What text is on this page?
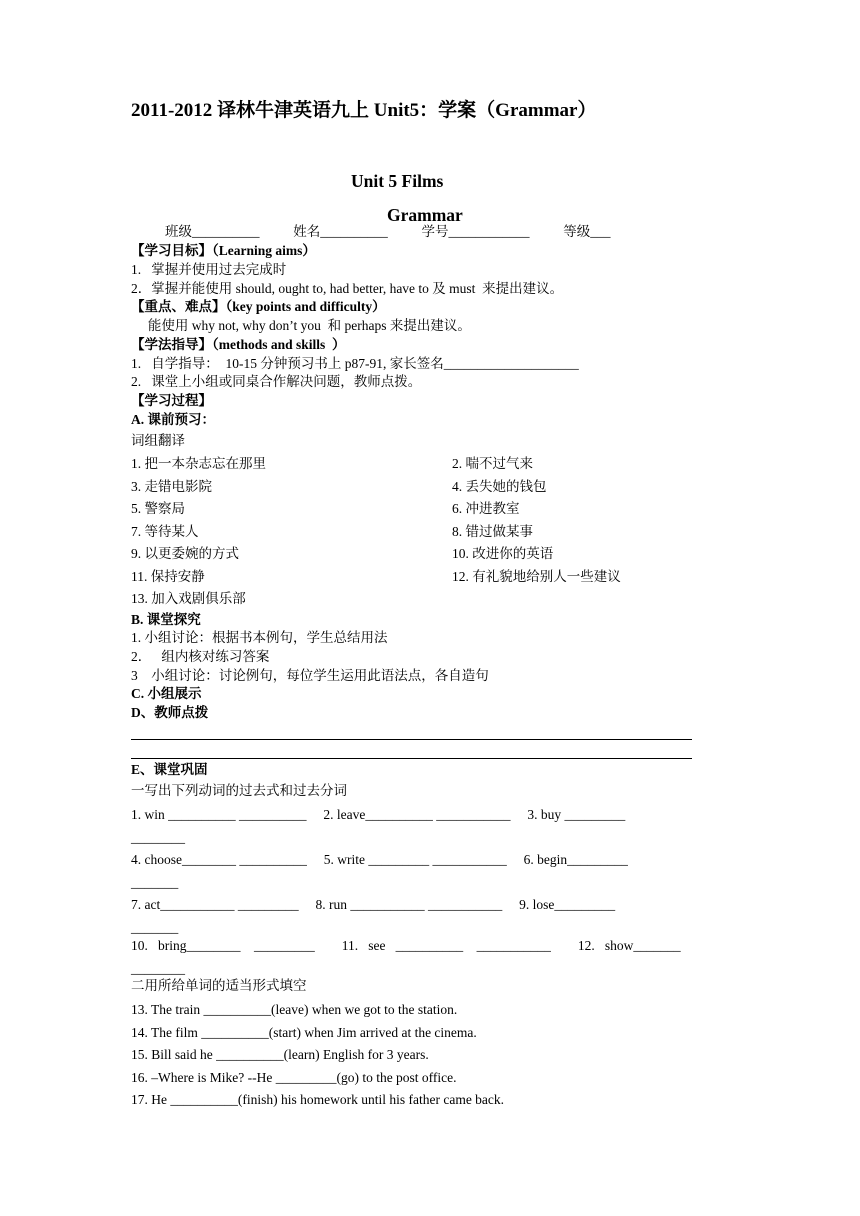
2011-2012 译林牛津英语九上 Unit5：学案（Grammar）
Unit 5 Films
Grammar
班级__________          姓名__________          学号____________          等级___
【学习目标】（Learning aims）
1.   掌握并使用过去完成时
2．掌握并能使用 should, ought to, had better, have to 及 must  来提出建议。
【重点、难点】（key points and difficulty）
能使用 why not, why don’t you  和 perhaps 来提出建议。
【学法指导】（methods and skills  ）
1.   自学指导：  10-15 分钟预习书上 p87-91, 家长签名____________________
2.   课堂上小组或同桌合作解决问题，教师点拨。
【学习过程】
A. 课前预习：
词组翻译
1. 把一本杂志忘在那里	2. 喘不过气来
3. 走错电影院	4. 丢失她的钱包
5. 警察局	6. 冲进教室
7. 等待某人	8. 错过做某事
9. 以更委婉的方式	10. 改进你的英语
11. 保持安静	12. 有礼貌地给别人一些建议
13. 加入戏剧俱乐部
B. 课堂探究
1. 小组讨论：根据书本例句，学生总结用法
2．   组内核对练习答案
3    小组讨论：讨论例句，每位学生运用此语法点，各自造句
C. 小组展示
D、教师点拨
E、课堂巩固
一写出下列动词的过去式和过去分词
1. win __________ __________     2. leave__________ ___________     3. buy _________
________
4. choose________ __________     5. write _________ ___________     6. begin_________
_______
7. act___________ _________     8. run ___________ ___________     9. lose_________
_______
10.   bring________    _________        11.   see   __________    ___________        12.   show_______
________
二用所给单词的适当形式填空
13. The train __________(leave) when we got to the station.
14. The film __________(start) when Jim arrived at the cinema.
15. Bill said he __________(learn) English for 3 years.
16. –Where is Mike? --He _________(go) to the post office.
17. He __________(finish) his homework until his father came back.
